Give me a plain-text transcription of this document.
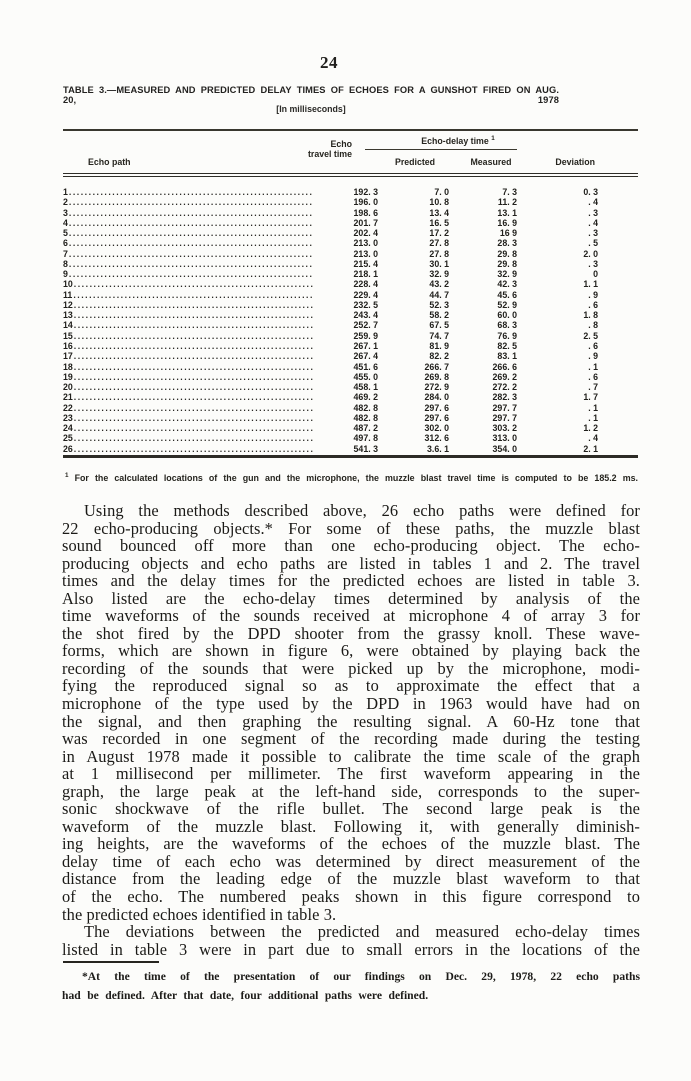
24
TABLE 3.—MEASURED AND PREDICTED DELAY TIMES OF ECHOES FOR A GUNSHOT FIRED ON AUG. 20, 1978
[In milliseconds]
Echo-delay time $^1$
Echo
travel time
Echo path	Predicted	Measured	Deviation
1 .....	192. 3	7. 0	7. 3	0. 3
2 .....	196. 0	10. 8	11. 2	. 4
3 .....	198. 6	13. 4	13. 1	. 3
4 .....	201. 7	16. 5	16. 9	. 4
5 .....	202. 4	17. 2	16 9	. 3
6 .....	213. 0	27. 8	28. 3	. 5
7 .....	213. 0	27. 8	29. 8	2. 0
8 .....	215. 4	30. 1	29. 8	. 3
9 .....	218. 1	32. 9	32. 9	0
10 .....	228. 4	43. 2	42. 3	1. 1
11 .....	229. 4	44. 7	45. 6	. 9
12 .....	232. 5	52. 3	52. 9	. 6
13 .....	243. 4	58. 2	60. 0	1. 8
14 .....	252. 7	67. 5	68. 3	. 8
15 .....	259. 9	74. 7	76. 9	2. 5
16 .....	267. 1	81. 9	82. 5	. 6
17 .....	267. 4	82. 2	83. 1	. 9
18 .....	451. 6	266. 7	266. 6	. 1
19 .....	455. 0	269. 8	269. 2	. 6
20 .....	458. 1	272. 9	272. 2	. 7
21 .....	469. 2	284. 0	282. 3	1. 7
22 .....	482. 8	297. 6	297. 7	. 1
23 .....	482. 8	297. 6	297. 7	. 1
24 .....	487. 2	302. 0	303. 2	1. 2
25 .....	497. 8	312. 6	313. 0	. 4
26 .....	541. 3	3.6. 1	354. 0	2. 1
$^1$ For the calculated locations of the gun and the microphone, the muzzle blast travel time is computed to be 185.2 ms.
Using the methods described above, 26 echo paths were defined for
22 echo-producing objects.* For some of these paths, the muzzle blast
sound bounced off more than one echo-producing object. The echo-
producing objects and echo paths are listed in tables 1 and 2. The travel
times and the delay times for the predicted echoes are listed in table 3.
Also listed are the echo-delay times determined by analysis of the
time waveforms of the sounds received at microphone 4 of array 3 for
the shot fired by the DPD shooter from the grassy knoll. These wave-
forms, which are shown in figure 6, were obtained by playing back the
recording of the sounds that were picked up by the microphone, modi-
fying the reproduced signal so as to approximate the effect that a
microphone of the type used by the DPD in 1963 would have had on
the signal, and then graphing the resulting signal. A 60-Hz tone that
was recorded in one segment of the recording made during the testing
in August 1978 made it possible to calibrate the time scale of the graph
at 1 millisecond per millimeter. The first waveform appearing in the
graph, the large peak at the left-hand side, corresponds to the super-
sonic shockwave of the rifle bullet. The second large peak is the
waveform of the muzzle blast. Following it, with generally diminish-
ing heights, are the waveforms of the echoes of the muzzle blast. The
delay time of each echo was determined by direct measurement of the
distance from the leading edge of the muzzle blast waveform to that
of the echo. The numbered peaks shown in this figure correspond to
the predicted echoes identified in table 3.
The deviations between the predicted and measured echo-delay times
listed in table 3 were in part due to small errors in the locations of the
*At the time of the presentation of our findings on Dec. 29, 1978, 22 echo paths
had be defined. After that date, four additional paths were defined.
